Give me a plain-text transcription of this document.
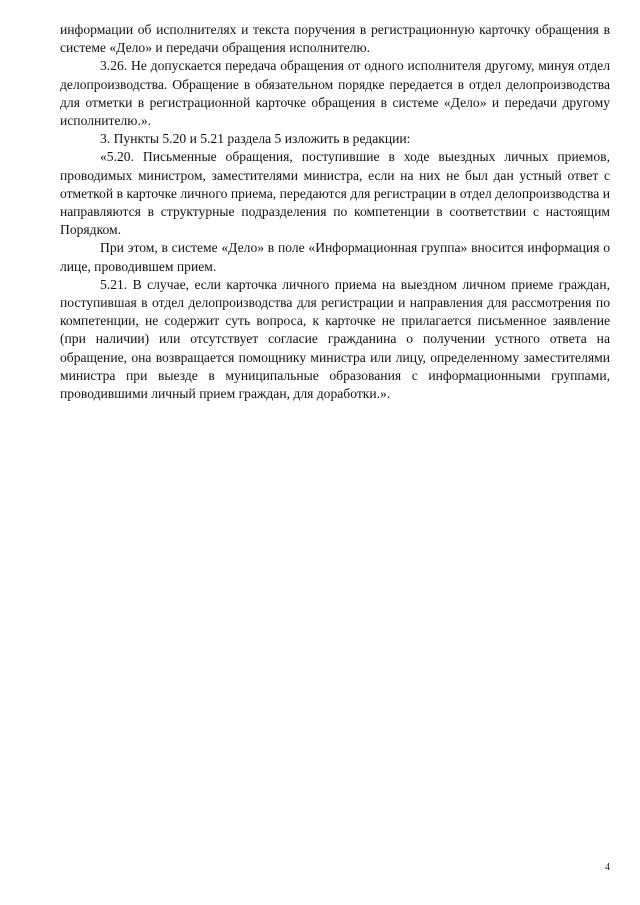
информации об исполнителях и текста поручения в регистрационную карточку обращения в системе «Дело» и передачи обращения исполнителю.

3.26. Не допускается передача обращения от одного исполнителя другому, минуя отдел делопроизводства. Обращение в обязательном порядке передается в отдел делопроизводства для отметки в регистрационной карточке обращения в системе «Дело» и передачи другому исполнителю.».

3. Пункты 5.20 и 5.21 раздела 5 изложить в редакции:

«5.20. Письменные обращения, поступившие в ходе выездных личных приемов, проводимых министром, заместителями министра, если на них не был дан устный ответ с отметкой в карточке личного приема, передаются для регистрации в отдел делопроизводства и направляются в структурные подразделения по компетенции в соответствии с настоящим Порядком.

При этом, в системе «Дело» в поле «Информационная группа» вносится информация о лице, проводившем прием.

5.21. В случае, если карточка личного приема на выездном личном приеме граждан, поступившая в отдел делопроизводства для регистрации и направления для рассмотрения по компетенции, не содержит суть вопроса, к карточке не прилагается письменное заявление (при наличии) или отсутствует согласие гражданина о получении устного ответа на обращение, она возвращается помощнику министра или лицу, определенному заместителями министра при выезде в муниципальные образования с информационными группами, проводившими личный прием граждан, для доработки.».

4
